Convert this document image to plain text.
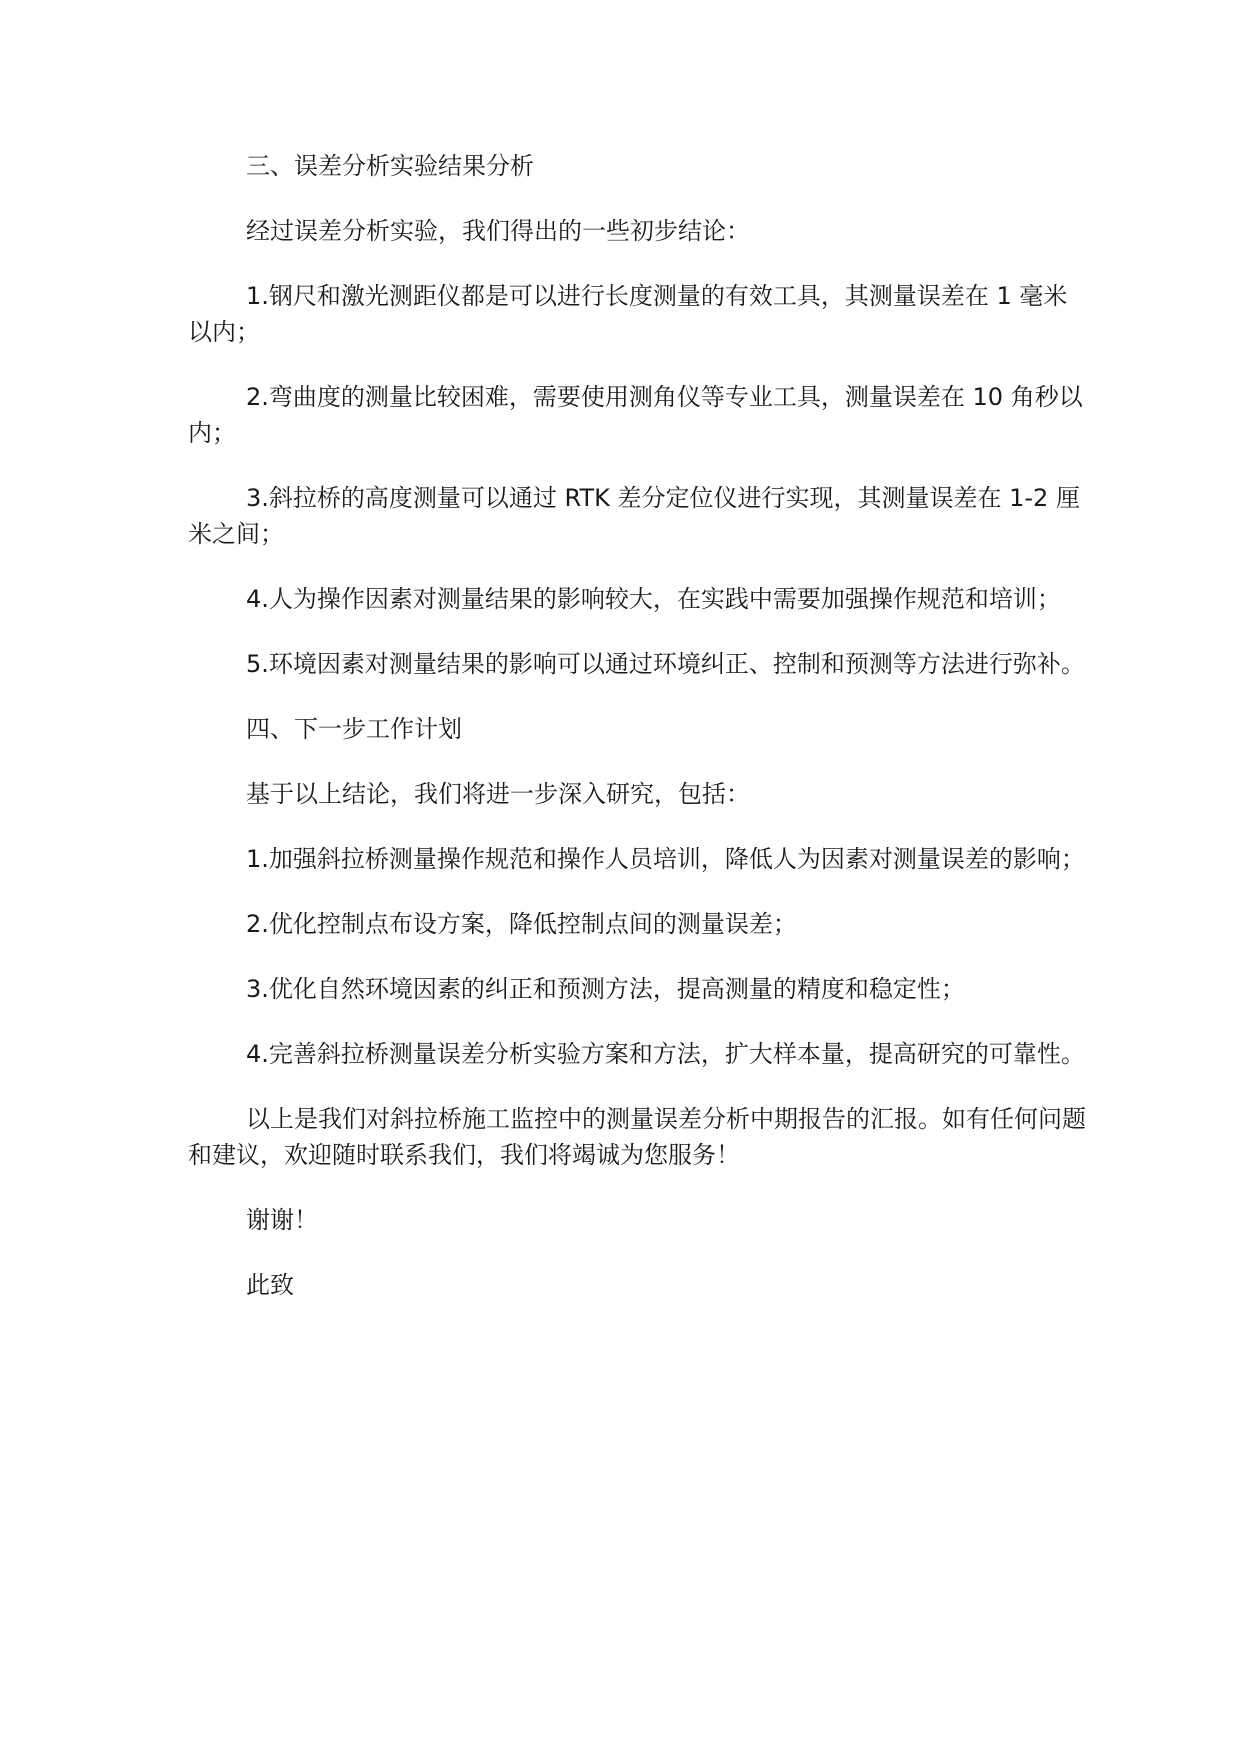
三、误差分析实验结果分析

经过误差分析实验，我们得出的一些初步结论：

1.钢尺和激光测距仪都是可以进行长度测量的有效工具，其测量误差在 1 毫米以内；

2.弯曲度的测量比较困难，需要使用测角仪等专业工具，测量误差在 10 角秒以内；

3.斜拉桥的高度测量可以通过 RTK 差分定位仪进行实现，其测量误差在 1-2 厘米之间；

4.人为操作因素对测量结果的影响较大，在实践中需要加强操作规范和培训；

5.环境因素对测量结果的影响可以通过环境纠正、控制和预测等方法进行弥补。

四、下一步工作计划

基于以上结论，我们将进一步深入研究，包括：

1.加强斜拉桥测量操作规范和操作人员培训，降低人为因素对测量误差的影响；

2.优化控制点布设方案，降低控制点间的测量误差；

3.优化自然环境因素的纠正和预测方法，提高测量的精度和稳定性；

4.完善斜拉桥测量误差分析实验方案和方法，扩大样本量，提高研究的可靠性。

以上是我们对斜拉桥施工监控中的测量误差分析中期报告的汇报。如有任何问题和建议，欢迎随时联系我们，我们将竭诚为您服务！

谢谢！

此致
